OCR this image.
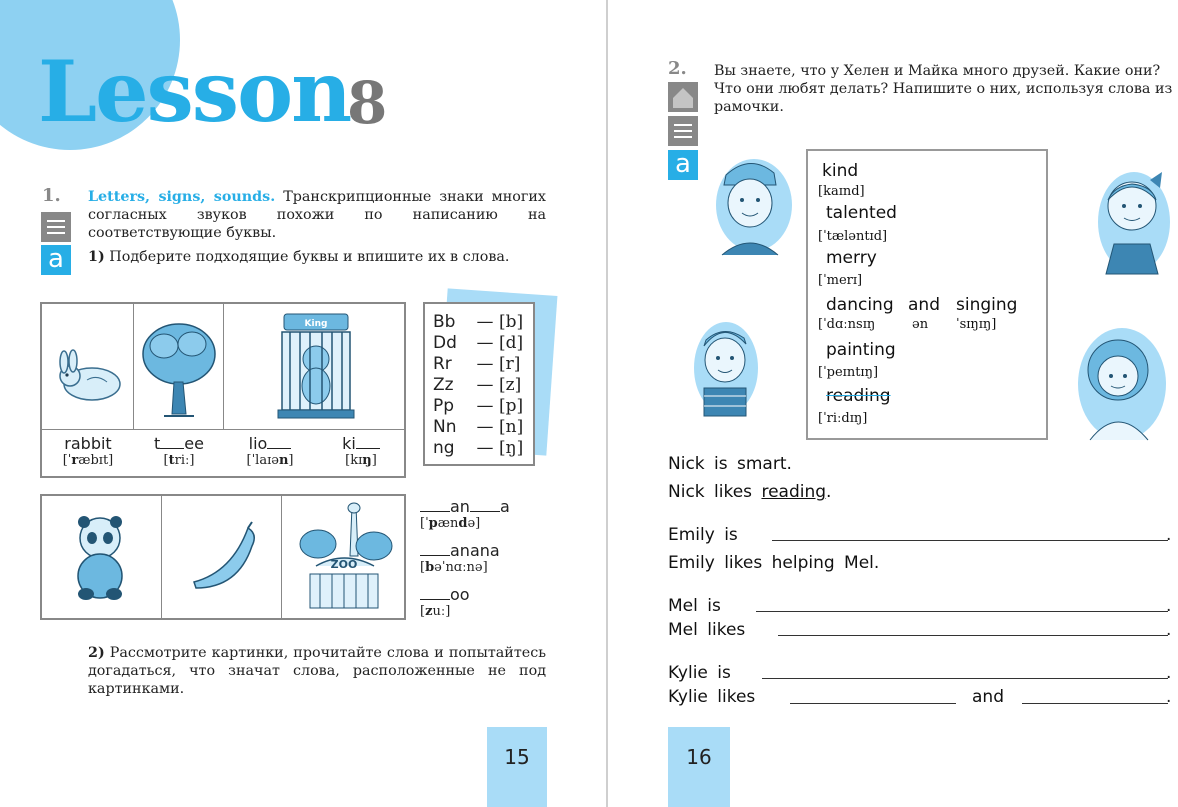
Lesson
8
1.
a
Letters, signs, sounds. Транскрипционные знаки многих согласных звуков похожи по написанию на соответствующие буквы.
1) Подберите подходящие буквы и впишите их в слова.
King
rabbit
[ˈræbɪt]
t ee
[triː]
lio
[ˈlaɪən]
ki
[kɪŋ]
Bb	— [b]
Dd	— [d]
Rr	— [r]
Zz	— [z]
Pp	— [p]
Nn	— [n]
ng	— [ŋ]
ZOO
an a
[ˈpændə]
anana
[bəˈnɑːnə]
oo
[zuː]
2) Рассмотрите картинки, прочитайте слова и попытайтесь догадаться, что значат слова, расположенные не под картинками.
15
2.
a
Вы знаете, что у Хелен и Майка много друзей. Какие они? Что они любят делать? Напишите о них, используя слова из рамочки.
kind
[kaɪnd]
talented
[ˈtæləntɪd]
merry
[ˈmerɪ]
dancing and singing
[ˈdɑːnsɪŋ	ən ˈsɪŋɪŋ]
painting
[ˈpeɪntɪŋ]
reading
[ˈriːdɪŋ]
Nick is smart.
Nick likes reading.
Emily is	.
Emily likes helping Mel.
Mel is	.
Mel likes	.
Kylie is	.
Kylie likes	and	.
16
